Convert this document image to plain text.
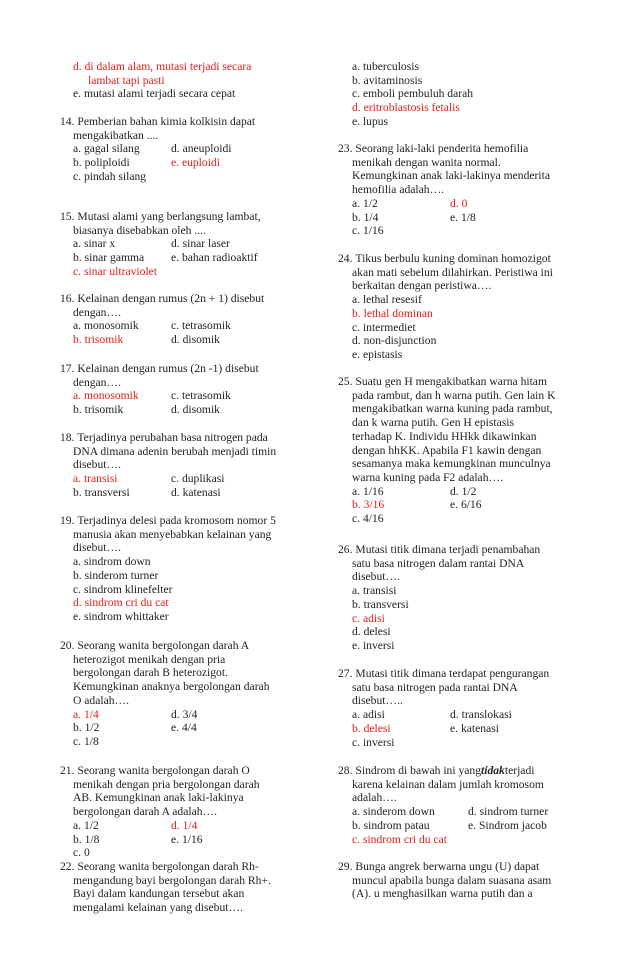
d. di dalam alam, mutasi terjadi secara
lambat tapi pasti
e. mutasi alami terjadi secara cepat
14.
Pemberian bahan kimia kolkisin dapat
mengakibatkan ....
a. gagal silang	d. aneuploidi
b. poliploidi	e. euploidi
c. pindah silang
15.
Mutasi alami yang berlangsung lambat,
biasanya disebabkan oleh ....
a. sinar x	d. sinar laser
b. sinar gamma	e. bahan radioaktif
c. sinar ultraviolet
16.
Kelainan dengan rumus (2n + 1) disebut
dengan….
a. monosomik	c. tetrasomik
b. trisomik	d. disomik
17.
Kelainan dengan rumus (2n -1) disebut
dengan….
a. monosomik	c. tetrasomik
b. trisomik	d. disomik
18.
Terjadinya perubahan basa nitrogen pada
DNA dimana adenin berubah menjadi timin
disebut….
a. transisi	c. duplikasi
b. transversi	d. katenasi
19.
Terjadinya delesi pada kromosom nomor 5
manusia akan menyebabkan kelainan yang
disebut….
a. sindrom down
b. sinderom turner
c. sindrom klinefelter
d. sindrom cri du cat
e. sindrom whittaker
20.
Seorang wanita bergolongan darah A
heterozigot menikah dengan pria
bergolongan darah B heterozigot.
Kemungkinan anaknya bergolongan darah
O adalah….
a. 1/4	d. 3/4
b. 1/2	e. 4/4
c. 1/8
21.
Seorang wanita bergolongan darah O
menikah dengan pria bergolongan darah
AB. Kemungkinan anak laki-lakinya
bergolongan darah A adalah….
a. 1/2	d. 1/4
b. 1/8	e. 1/16
c. 0
22.
Seorang wanita bergolongan darah Rh-
mengandung bayi bergolongan darah Rh+.
Bayi dalam kandungan tersebut akan
mengalami kelainan yang disebut….
a. tuberculosis
b. avitaminosis
c. emboli pembuluh darah
d. eritroblastosis fetalis
e. lupus
23.
Seorang laki-laki penderita hemofilia
menikah dengan wanita normal.
Kemungkinan anak laki-lakinya menderita
hemofilia adalah….
a. 1/2	d. 0
b. 1/4	e. 1/8
c. 1/16
24.
Tikus berbulu kuning dominan homozigot
akan mati sebelum dilahirkan. Peristiwa ini
berkaitan dengan peristiwa….
a. lethal resesif
b. lethal dominan
c. intermediet
d. non-disjunction
e. epistasis
25.
Suatu gen H mengakibatkan warna hitam
pada rambut, dan h warna putih. Gen lain K
mengakibatkan warna kuning pada rambut,
dan k warna putih. Gen H epistasis
terhadap K. Individu HHkk dikawinkan
dengan hhKK. Apabila F1 kawin dengan
sesamanya maka kemungkinan munculnya
warna kuning pada F2 adalah….
a. 1/16	d. 1/2
b. 3/16	e. 6/16
c. 4/16
26.
Mutasi titik dimana terjadi penambahan
satu basa nitrogen dalam rantai DNA
disebut….
a. transisi
b. transversi
c. adisi
d. delesi
e. inversi
27.
Mutasi titik dimana terdapat pengurangan
satu basa nitrogen pada rantai DNA
disebut…..
a. adisi	d. translokasi
b. delesi	e. katenasi
c. inversi
28.
Sindrom di bawah ini yang tidak terjadi
karena kelainan dalam jumlah kromosom
adalah….
a. sinderom down	d. sindrom turner
b. sindrom patau	e. Sindrom jacob
c. sindrom cri du cat
29.
Bunga angrek berwarna ungu (U) dapat
muncul apabila bunga dalam suasana asam
(A). u menghasilkan warna putih dan a
